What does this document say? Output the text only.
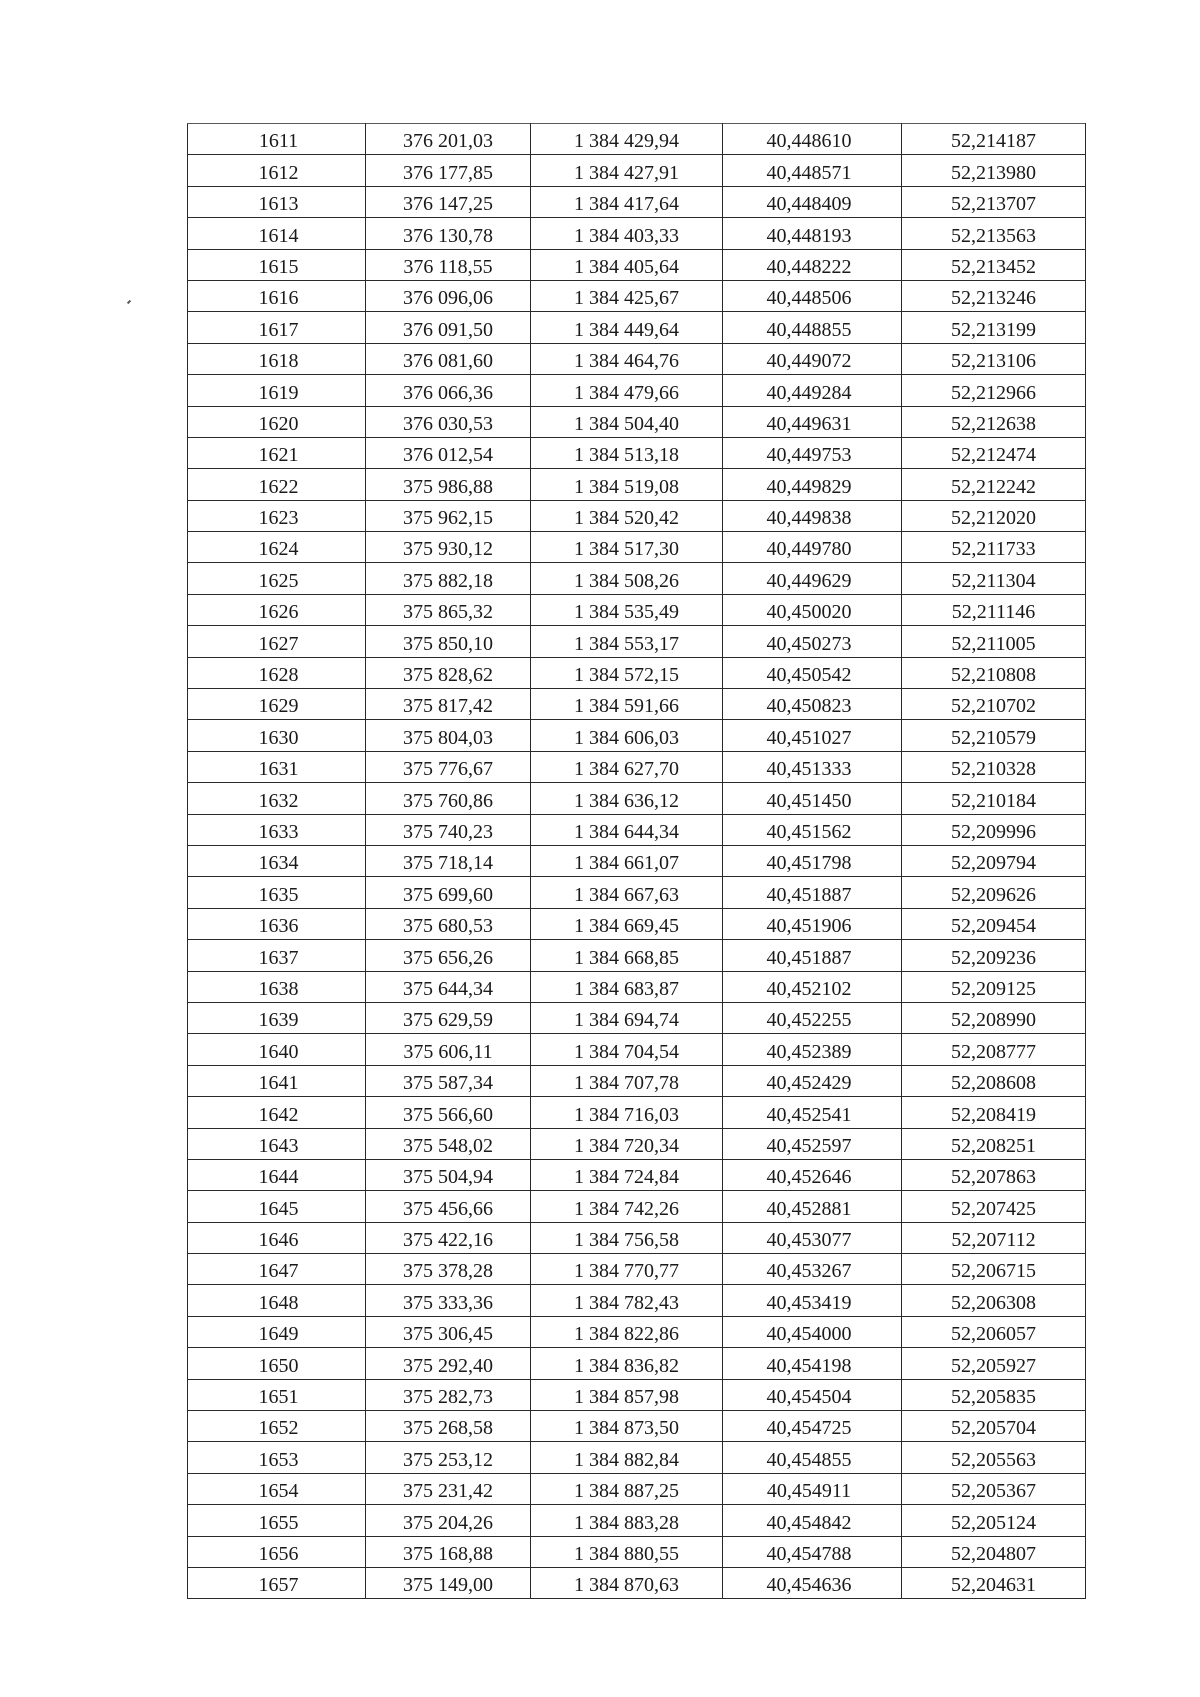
1611	376 201,03	1 384 429,94	40,448610	52,214187
1612	376 177,85	1 384 427,91	40,448571	52,213980
1613	376 147,25	1 384 417,64	40,448409	52,213707
1614	376 130,78	1 384 403,33	40,448193	52,213563
1615	376 118,55	1 384 405,64	40,448222	52,213452
1616	376 096,06	1 384 425,67	40,448506	52,213246
1617	376 091,50	1 384 449,64	40,448855	52,213199
1618	376 081,60	1 384 464,76	40,449072	52,213106
1619	376 066,36	1 384 479,66	40,449284	52,212966
1620	376 030,53	1 384 504,40	40,449631	52,212638
1621	376 012,54	1 384 513,18	40,449753	52,212474
1622	375 986,88	1 384 519,08	40,449829	52,212242
1623	375 962,15	1 384 520,42	40,449838	52,212020
1624	375 930,12	1 384 517,30	40,449780	52,211733
1625	375 882,18	1 384 508,26	40,449629	52,211304
1626	375 865,32	1 384 535,49	40,450020	52,211146
1627	375 850,10	1 384 553,17	40,450273	52,211005
1628	375 828,62	1 384 572,15	40,450542	52,210808
1629	375 817,42	1 384 591,66	40,450823	52,210702
1630	375 804,03	1 384 606,03	40,451027	52,210579
1631	375 776,67	1 384 627,70	40,451333	52,210328
1632	375 760,86	1 384 636,12	40,451450	52,210184
1633	375 740,23	1 384 644,34	40,451562	52,209996
1634	375 718,14	1 384 661,07	40,451798	52,209794
1635	375 699,60	1 384 667,63	40,451887	52,209626
1636	375 680,53	1 384 669,45	40,451906	52,209454
1637	375 656,26	1 384 668,85	40,451887	52,209236
1638	375 644,34	1 384 683,87	40,452102	52,209125
1639	375 629,59	1 384 694,74	40,452255	52,208990
1640	375 606,11	1 384 704,54	40,452389	52,208777
1641	375 587,34	1 384 707,78	40,452429	52,208608
1642	375 566,60	1 384 716,03	40,452541	52,208419
1643	375 548,02	1 384 720,34	40,452597	52,208251
1644	375 504,94	1 384 724,84	40,452646	52,207863
1645	375 456,66	1 384 742,26	40,452881	52,207425
1646	375 422,16	1 384 756,58	40,453077	52,207112
1647	375 378,28	1 384 770,77	40,453267	52,206715
1648	375 333,36	1 384 782,43	40,453419	52,206308
1649	375 306,45	1 384 822,86	40,454000	52,206057
1650	375 292,40	1 384 836,82	40,454198	52,205927
1651	375 282,73	1 384 857,98	40,454504	52,205835
1652	375 268,58	1 384 873,50	40,454725	52,205704
1653	375 253,12	1 384 882,84	40,454855	52,205563
1654	375 231,42	1 384 887,25	40,454911	52,205367
1655	375 204,26	1 384 883,28	40,454842	52,205124
1656	375 168,88	1 384 880,55	40,454788	52,204807
1657	375 149,00	1 384 870,63	40,454636	52,204631
